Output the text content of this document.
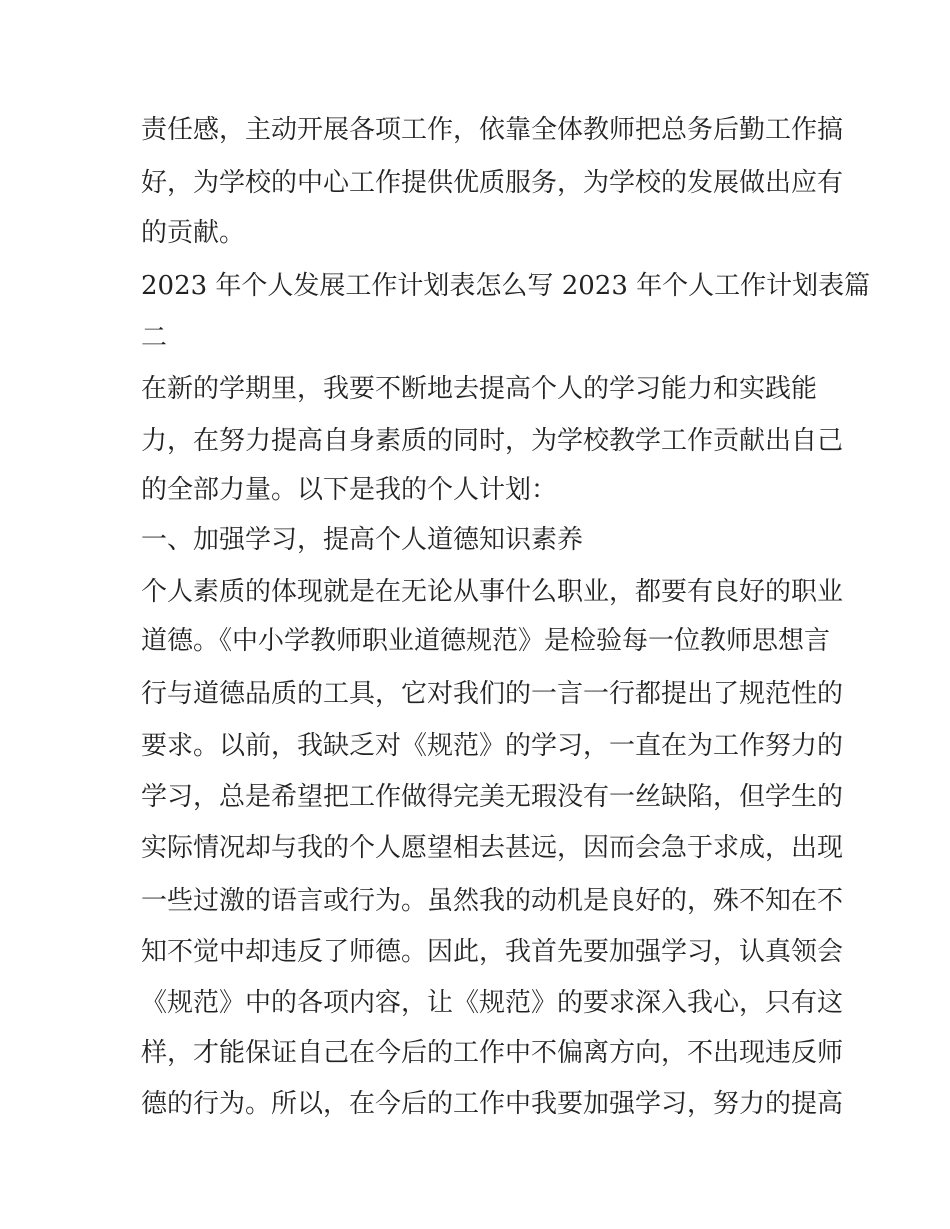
责任感，主动开展各项工作，依靠全体教师把总务后勤工作搞
好，为学校的中心工作提供优质服务，为学校的发展做出应有
的贡献。
2023 年个人发展工作计划表怎么写 2023 年个人工作计划表篇
二
在新的学期里，我要不断地去提高个人的学习能力和实践能
力，在努力提高自身素质的同时，为学校教学工作贡献出自己
的全部力量。以下是我的个人计划：
一、加强学习，提高个人道德知识素养
个人素质的体现就是在无论从事什么职业，都要有良好的职业
道德。《中小学教师职业道德规范》是检验每一位教师思想言
行与道德品质的工具，它对我们的一言一行都提出了规范性的
要求。以前，我缺乏对《规范》的学习，一直在为工作努力的
学习，总是希望把工作做得完美无瑕没有一丝缺陷，但学生的
实际情况却与我的个人愿望相去甚远，因而会急于求成，出现
一些过激的语言或行为。虽然我的动机是良好的，殊不知在不
知不觉中却违反了师德。因此，我首先要加强学习，认真领会
《规范》中的各项内容，让《规范》的要求深入我心，只有这
样，才能保证自己在今后的工作中不偏离方向，不出现违反师
德的行为。所以，在今后的工作中我要加强学习，努力的提高
